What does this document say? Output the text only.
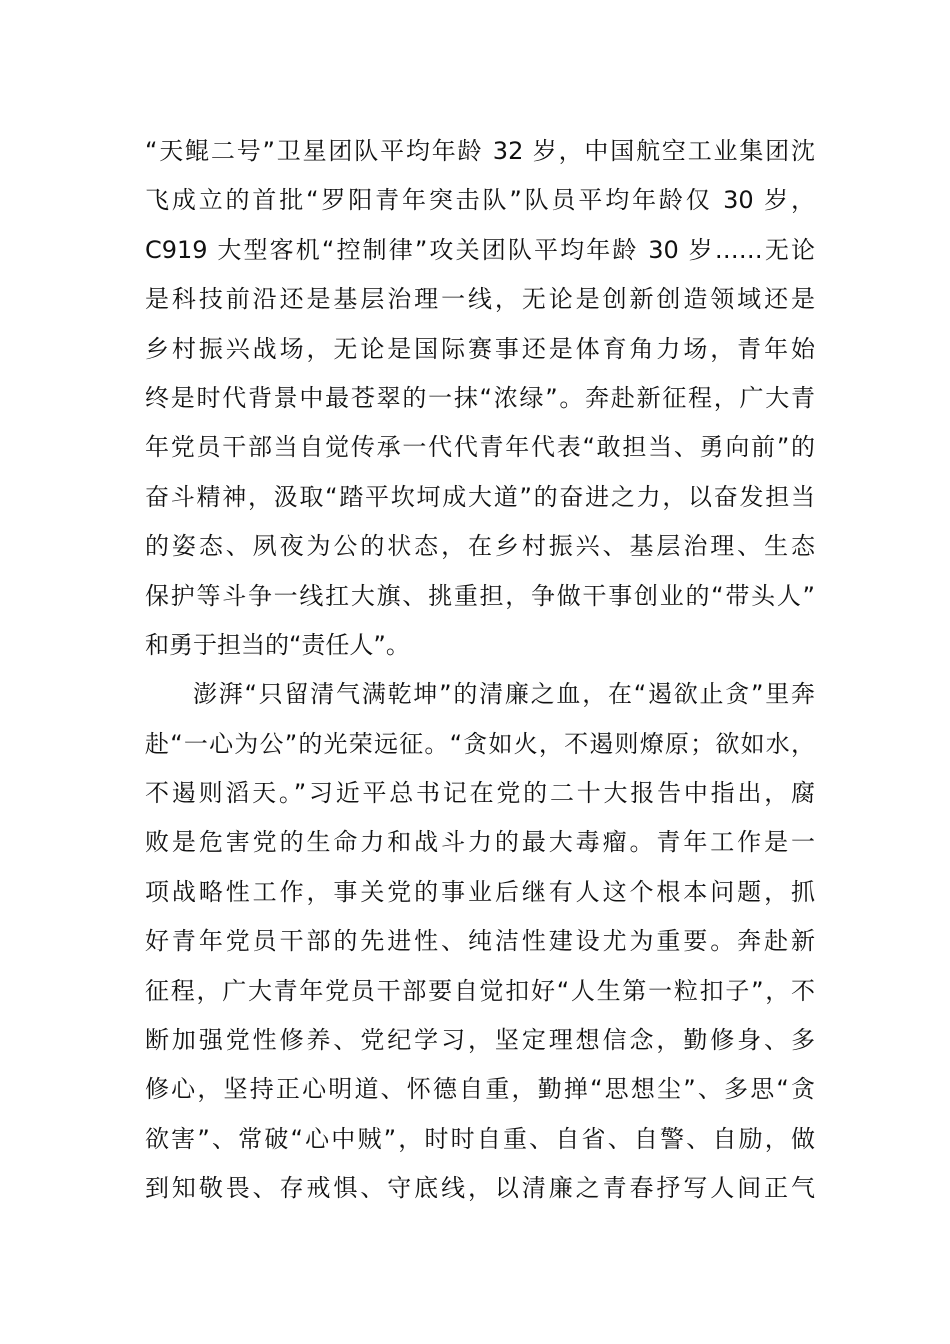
“天鲲二号”卫星团队平均年龄 32 岁，中国航空工业集团沈
飞成立的首批“罗阳青年突击队”队员平均年龄仅 30 岁，
C919 大型客机“控制律”攻关团队平均年龄 30 岁……无论
是科技前沿还是基层治理一线，无论是创新创造领域还是
乡村振兴战场，无论是国际赛事还是体育角力场，青年始
终是时代背景中最苍翠的一抹“浓绿”。奔赴新征程，广大青
年党员干部当自觉传承一代代青年代表“敢担当、勇向前”的
奋斗精神，汲取“踏平坎坷成大道”的奋进之力，以奋发担当
的姿态、夙夜为公的状态，在乡村振兴、基层治理、生态
保护等斗争一线扛大旗、挑重担，争做干事创业的“带头人”
和勇于担当的“责任人”。
澎湃“只留清气满乾坤”的清廉之血，在“遏欲止贪”里奔
赴“一心为公”的光荣远征。“贪如火，不遏则燎原；欲如水，
不遏则滔天。”习近平总书记在党的二十大报告中指出，腐
败是危害党的生命力和战斗力的最大毒瘤。青年工作是一
项战略性工作，事关党的事业后继有人这个根本问题，抓
好青年党员干部的先进性、纯洁性建设尤为重要。奔赴新
征程，广大青年党员干部要自觉扣好“人生第一粒扣子”，不
断加强党性修养、党纪学习，坚定理想信念，勤修身、多
修心，坚持正心明道、怀德自重，勤掸“思想尘”、多思“贪
欲害”、常破“心中贼”，时时自重、自省、自警、自励，做
到知敬畏、存戒惧、守底线，以清廉之青春抒写人间正气
